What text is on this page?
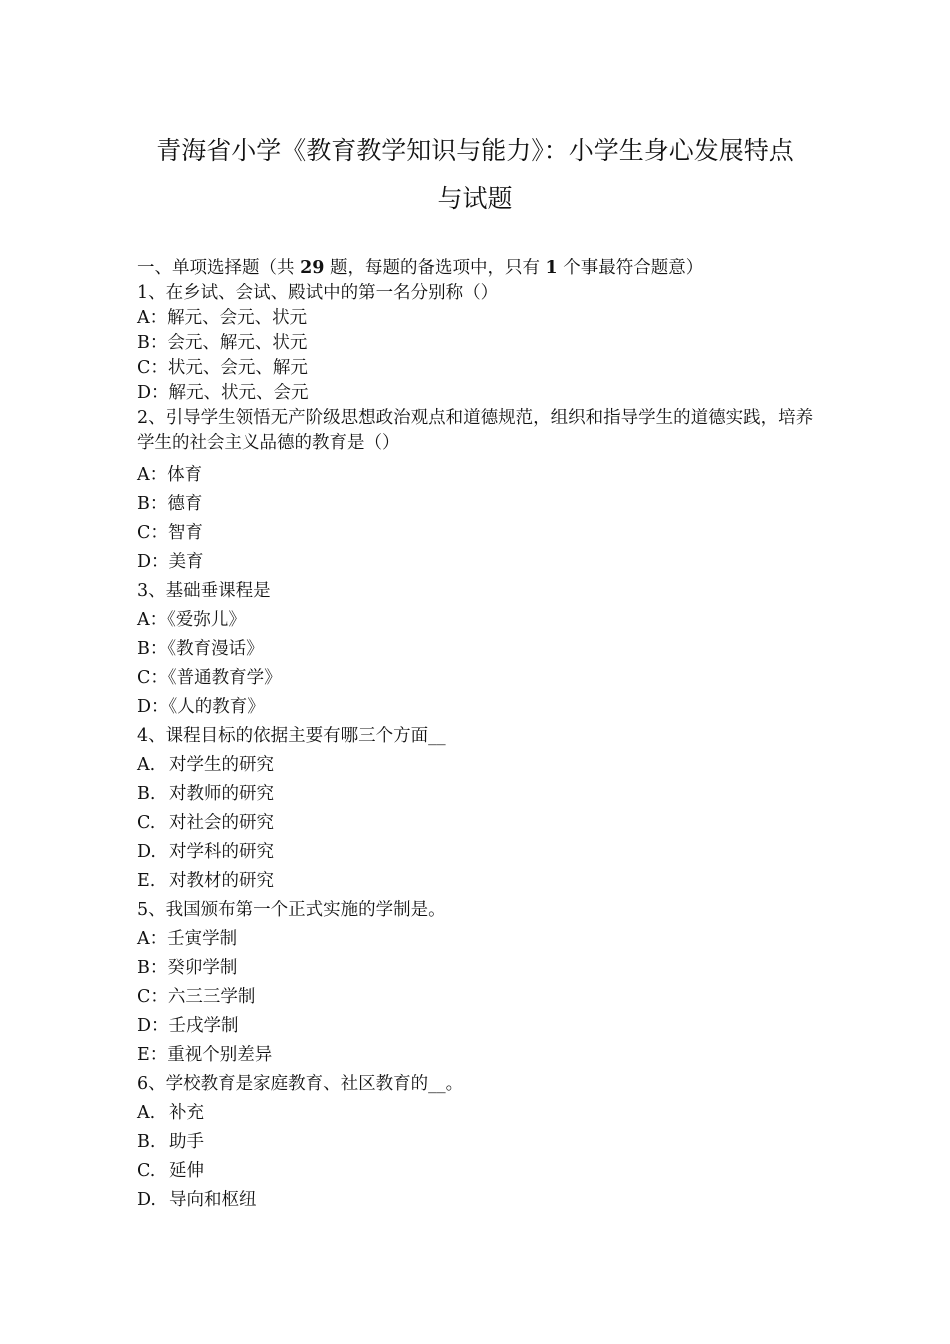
青海省小学《教育教学知识与能力》：小学生身心发展特点
与试题
一、单项选择题（共 29 题，每题的备选项中，只有 1 个事最符合题意）
1、在乡试、会试、殿试中的第一名分别称（）
A：解元、会元、状元
B：会元、解元、状元
C：状元、会元、解元
D：解元、状元、会元
2、引导学生领悟无产阶级思想政治观点和道德规范，组织和指导学生的道德实践，培养学生的社会主义品德的教育是（）
A：体育
B：德育
C：智育
D：美育
3、基础垂课程是
A：《爱弥儿》
B：《教育漫话》
C：《普通教育学》
D：《人的教育》
4、课程目标的依据主要有哪三个方面__
A. 对学生的研究
B. 对教师的研究
C. 对社会的研究
D. 对学科的研究
E. 对教材的研究
5、我国颁布第一个正式实施的学制是。
A：壬寅学制
B：癸卯学制
C：六三三学制
D：壬戌学制
E：重视个别差异
6、学校教育是家庭教育、社区教育的__。
A. 补充
B. 助手
C. 延伸
D. 导向和枢纽
